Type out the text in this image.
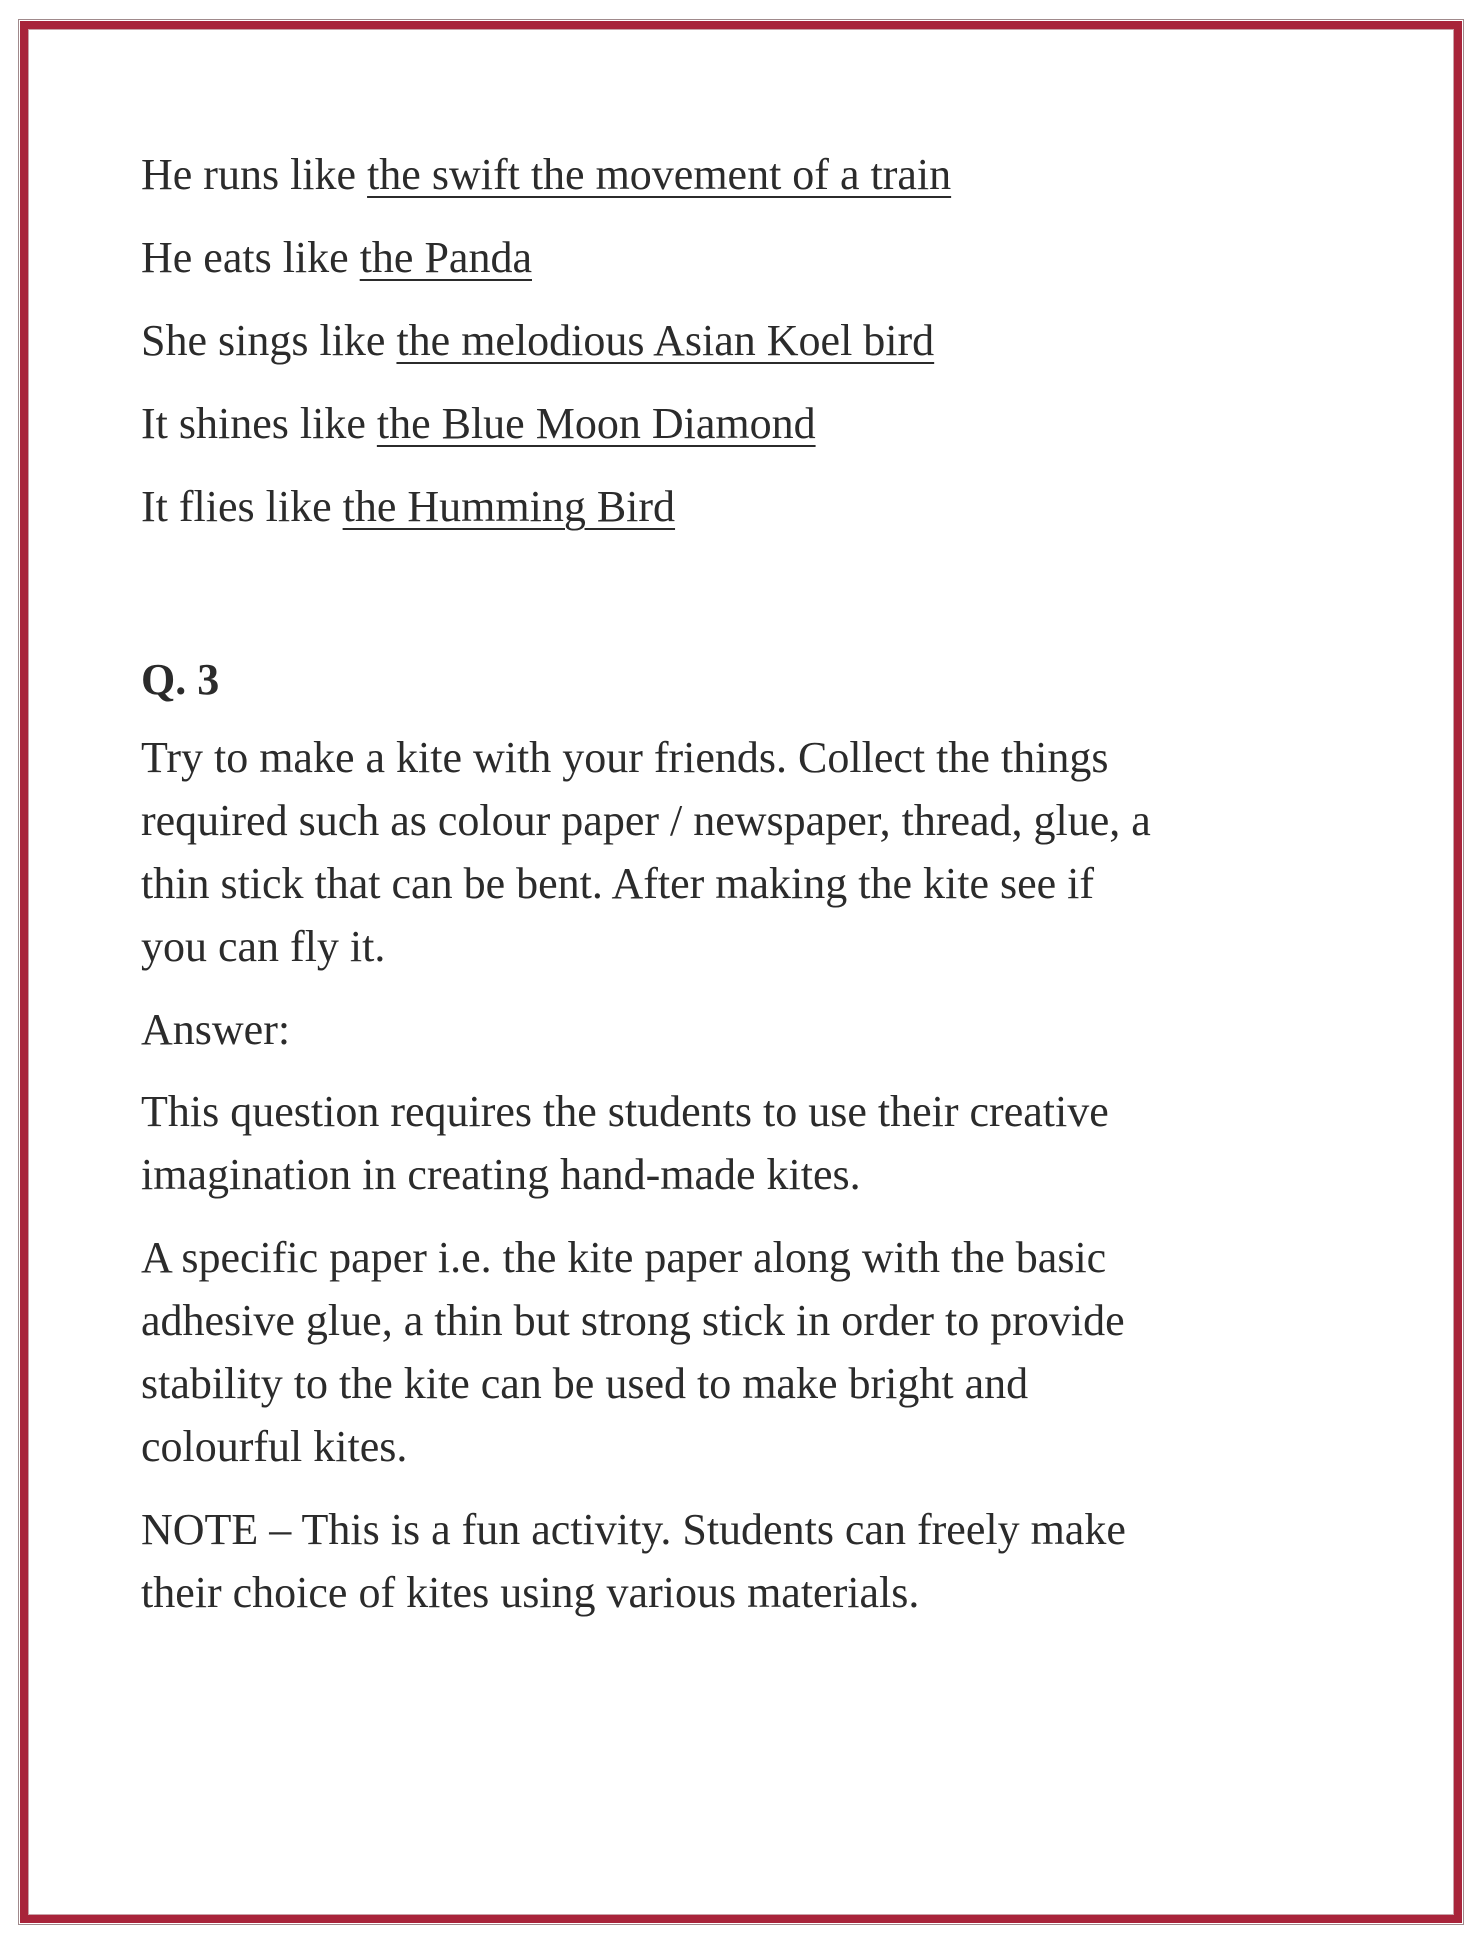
He runs like the swift the movement of a train
He eats like the Panda
She sings like the melodious Asian Koel bird
It shines like the Blue Moon Diamond
It flies like the Humming Bird
Q. 3
Try to make a kite with your friends. Collect the things
required such as colour paper / newspaper, thread, glue, a
thin stick that can be bent. After making the kite see if
you can fly it.
Answer:
This question requires the students to use their creative
imagination in creating hand-made kites.
A specific paper i.e. the kite paper along with the basic
adhesive glue, a thin but strong stick in order to provide
stability to the kite can be used to make bright and
colourful kites.
NOTE – This is a fun activity. Students can freely make
their choice of kites using various materials.
